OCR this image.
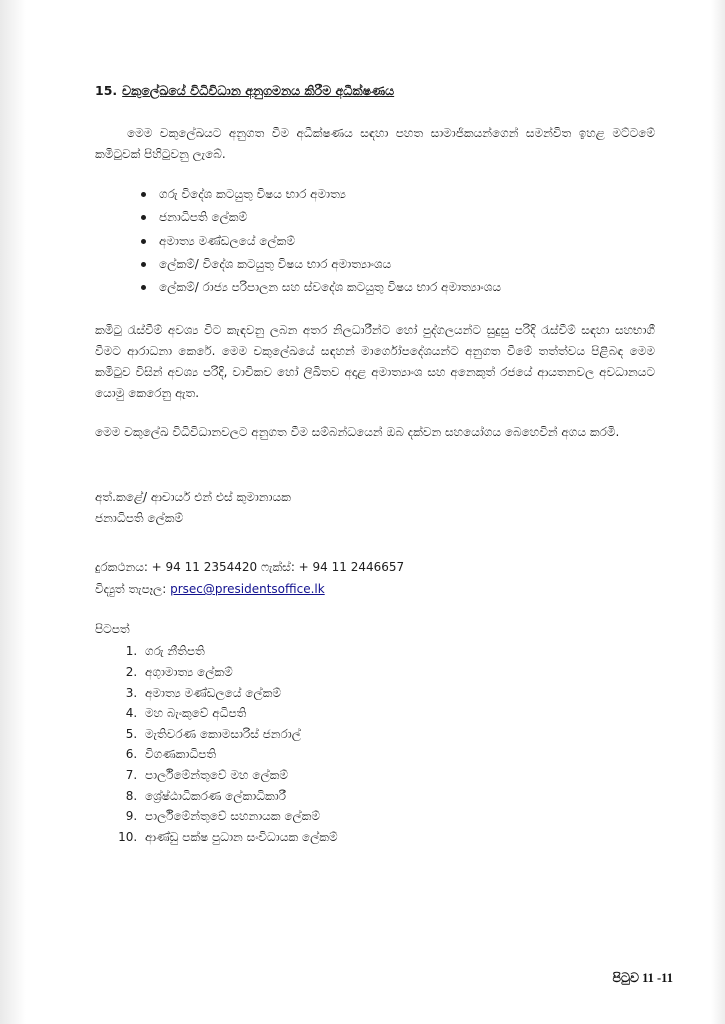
15. චකුලේඛයේ විධිවිධාන අනුගමනය කිරීම අධීක්ෂණය

මෙම චකුලේඛයට අනුගත වීම අධීක්ෂණය සඳහා පහත සාමාජිකයන්ගෙන් සමන්විත ඉහළ මට්ටමේ කමිටුවක් පිහිටුවනු ලැබේ.

ගරු විදේශ කටයුතු විෂය භාර අමාත්‍ය
ජනාධිපති ලේකම්
අමාත්‍ය මණ්ඩලයේ ලේකම්
ලේකම්/ විදේශ කටයුතු විෂය භාර අමාත්‍යාංශය
ලේකම්/ රාජ්‍ය පරිපාලන සහ ස්වදේශ කටයුතු විෂය භාර අමාත්‍යාංශය

කමිටු රැස්වීම් අවශ්‍ය විට කැඳවනු ලබන අතර නිලධාරීන්ට හෝ පුද්ගලයන්ට සුදුසු පරිදි රැස්වීම් සඳහා සහභාගී වීමට ආරාධනා කෙරේ. මෙම චකුලේඛයේ සඳහන් මාර්ගෝපදේශයන්ට අනුගත වීමේ තත්ත්වය පිළිබඳ මෙම කමිටුව විසින් අවශ්‍ය පරිදි, වාචිකව හෝ ලිඛිතව අදාළ අමාත්‍යාංශ සහ අනෙකුත් රජයේ ආයතනවල අවධානයට යොමු කෙරෙනු ඇත.

මෙම චකුලේඛ විධිවිධානවලට අනුගත වීම සම්බන්ධයෙන් ඔබ දක්වන සහයෝගය බෙහෙවින් අගය කරමි.

අත්.කළේ/ ආචාර්ය එන් එස් කුමානායක
ජනාධිපති ලේකම්
දුරකථනය: + 94 11 2354420 ෆැක්ස්: + 94 11 2446657
විද්‍යුත් තැපෑල: prsec@presidentsoffice.lk
පිටපත්
1. ගරු නීතිපති
2. අගුාමාත්‍ය ලේකම්
3. අමාත්‍ය මණ්ඩලයේ ලේකම්
4. මහ බැංකුවේ අධිපති
5. මැතිවරණ කොමසාරිස් ජනරාල්
6. විගණකාධිපති
7. පාර්ලිමේන්තුවේ මහ ලේකම්
8. ශ්‍රේෂ්ඨාධිකරණ ලේකාධිකාරී
9. පාර්ලිමේන්තුවේ සහනායක ලේකම්
10. ආණ්ඩු පක්ෂ පුධාන සංවිධායක ලේකම්
පිටුව 11 -11
